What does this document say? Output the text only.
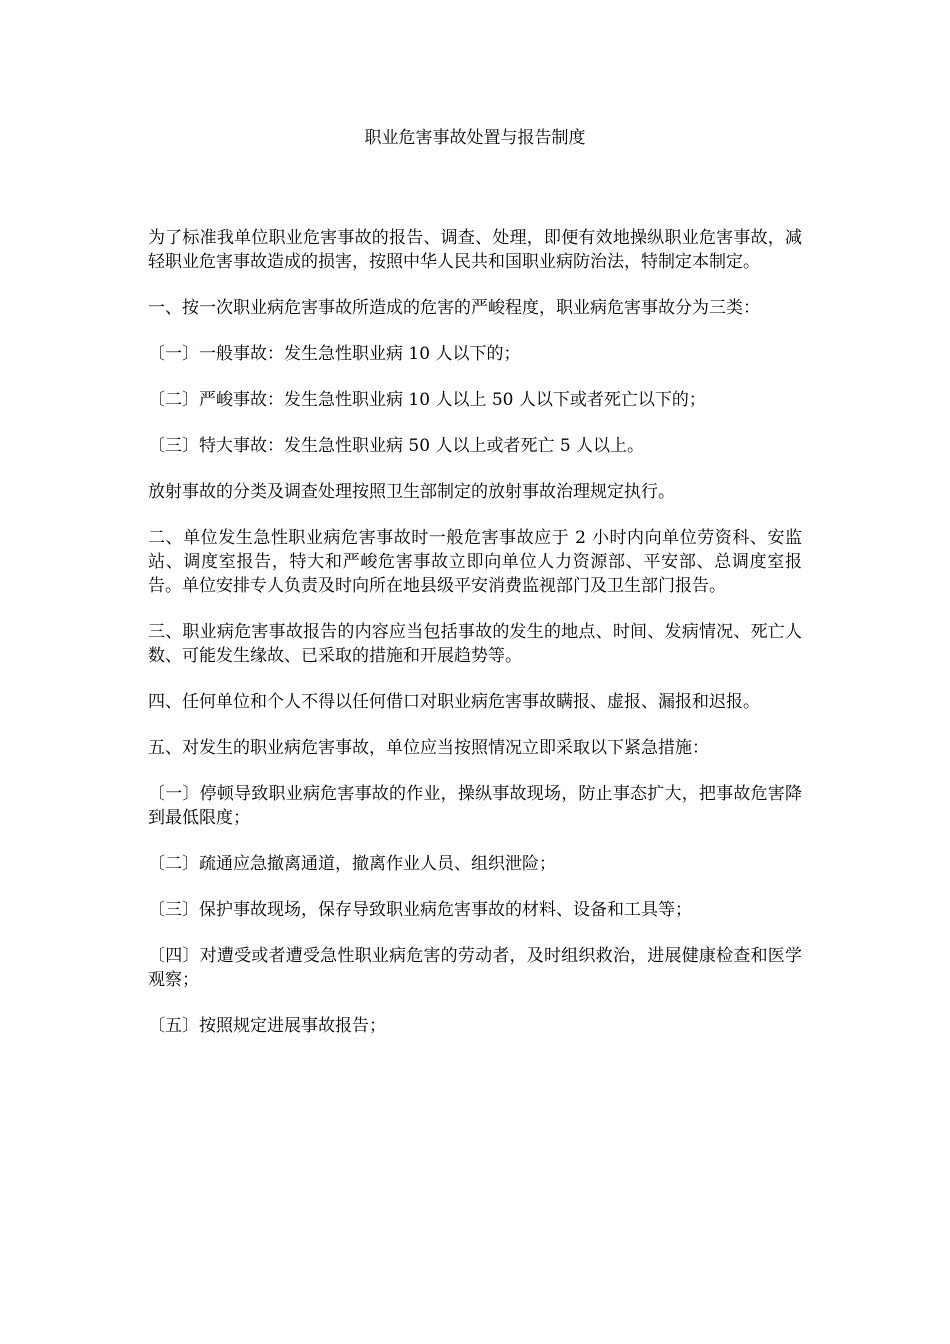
职业危害事故处置与报告制度

为了标准我单位职业危害事故的报告、调查、处理，即便有效地操纵职业危害事故，减轻职业危害事故造成的损害，按照中华人民共和国职业病防治法，特制定本制定。

一、按一次职业病危害事故所造成的危害的严峻程度，职业病危害事故分为三类：

〔一〕一般事故：发生急性职业病 10 人以下的；

〔二〕严峻事故：发生急性职业病 10 人以上 50 人以下或者死亡以下的；

〔三〕特大事故：发生急性职业病 50 人以上或者死亡 5 人以上。

放射事故的分类及调查处理按照卫生部制定的放射事故治理规定执行。

二、单位发生急性职业病危害事故时一般危害事故应于 2 小时内向单位劳资科、安监站、调度室报告，特大和严峻危害事故立即向单位人力资源部、平安部、总调度室报告。单位安排专人负责及时向所在地县级平安消费监视部门及卫生部门报告。

三、职业病危害事故报告的内容应当包括事故的发生的地点、时间、发病情况、死亡人数、可能发生缘故、已采取的措施和开展趋势等。

四、任何单位和个人不得以任何借口对职业病危害事故瞒报、虚报、漏报和迟报。

五、对发生的职业病危害事故，单位应当按照情况立即采取以下紧急措施：

〔一〕停顿导致职业病危害事故的作业，操纵事故现场，防止事态扩大，把事故危害降到最低限度；

〔二〕疏通应急撤离通道，撤离作业人员、组织泄险；

〔三〕保护事故现场，保存导致职业病危害事故的材料、设备和工具等；

〔四〕对遭受或者遭受急性职业病危害的劳动者，及时组织救治，进展健康检查和医学观察；

〔五〕按照规定进展事故报告；
